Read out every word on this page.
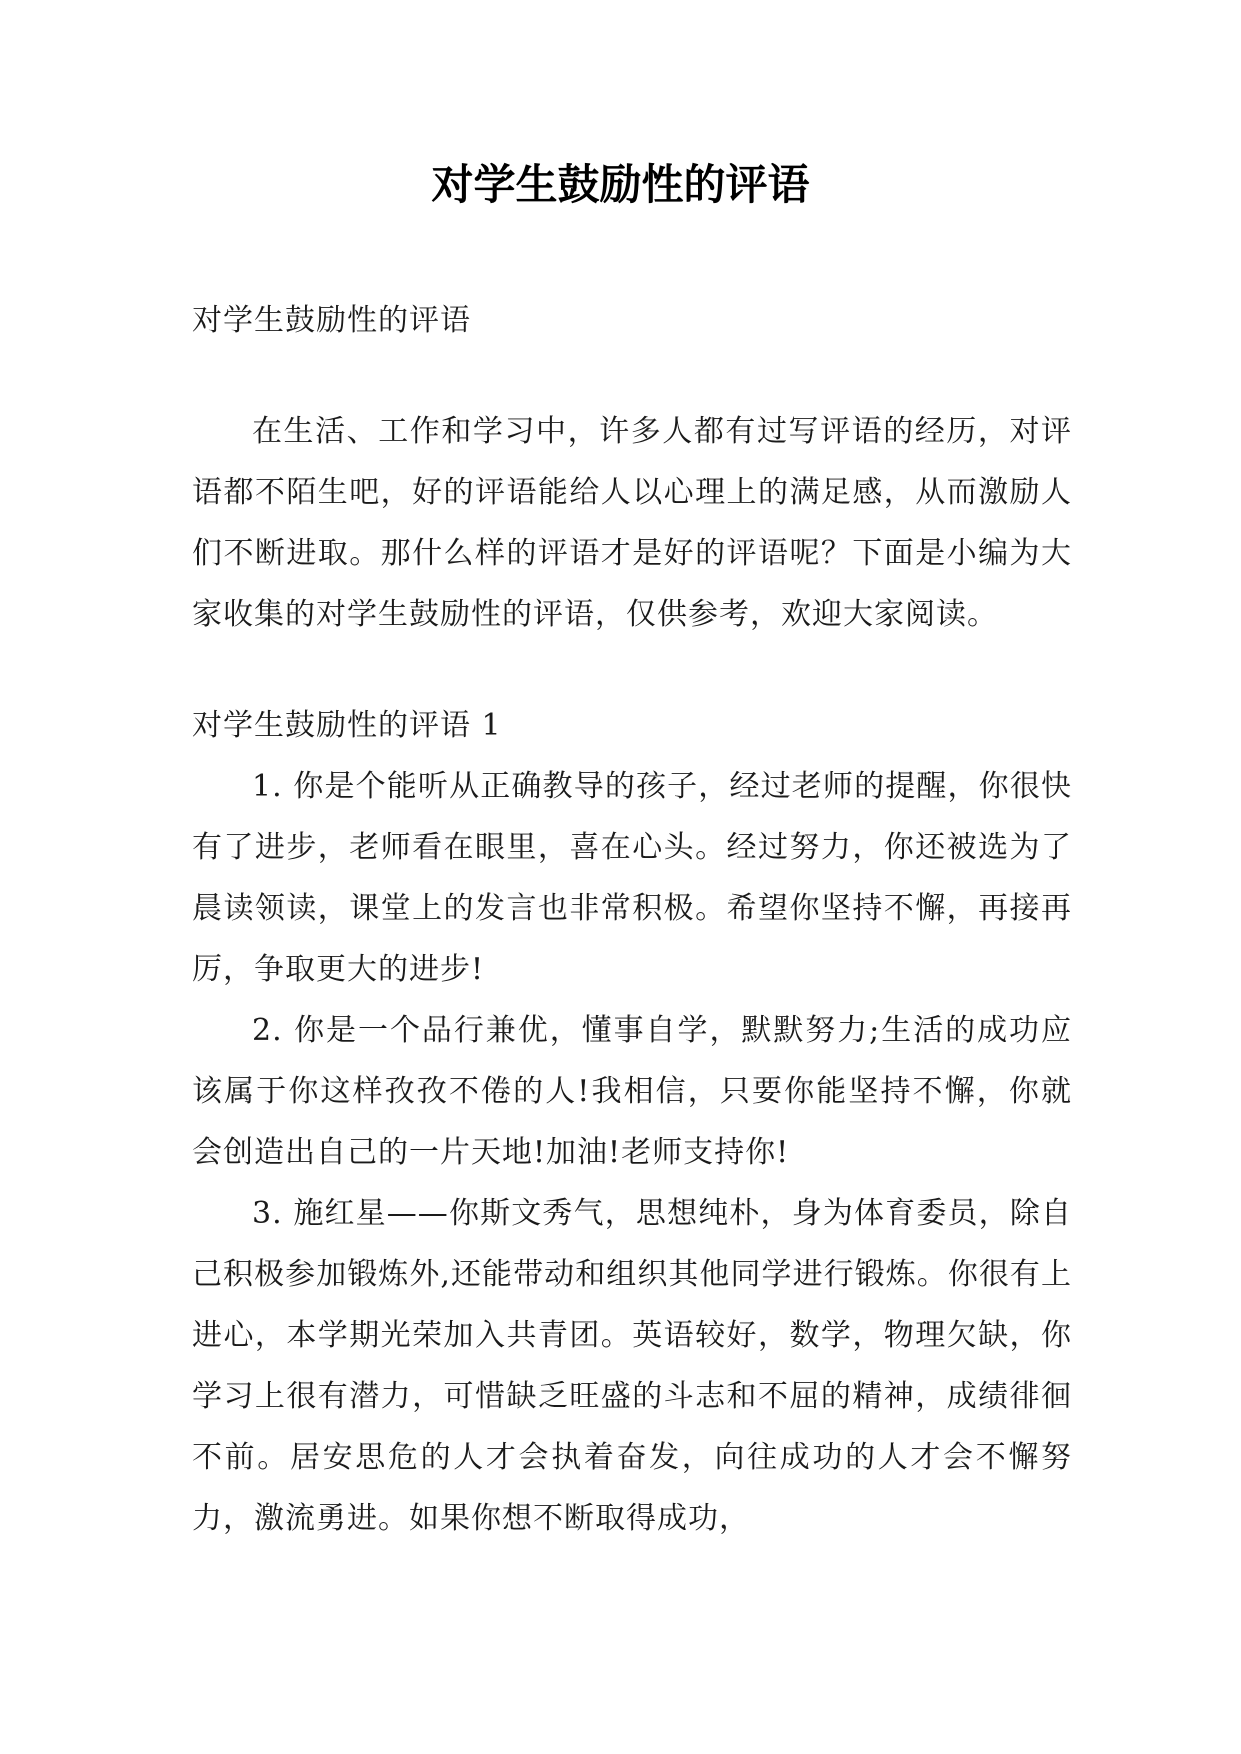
对学生鼓励性的评语

对学生鼓励性的评语

在生活、工作和学习中，许多人都有过写评语的经历，对评语都不陌生吧，好的评语能给人以心理上的满足感，从而激励人们不断进取。那什么样的评语才是好的评语呢？下面是小编为大家收集的对学生鼓励性的评语，仅供参考，欢迎大家阅读。

对学生鼓励性的评语 1

1. 你是个能听从正确教导的孩子，经过老师的提醒，你很快有了进步，老师看在眼里，喜在心头。经过努力，你还被选为了晨读领读，课堂上的发言也非常积极。希望你坚持不懈，再接再厉，争取更大的进步!

2. 你是一个品行兼优，懂事自学，默默努力;生活的成功应该属于你这样孜孜不倦的人!我相信，只要你能坚持不懈，你就会创造出自己的一片天地!加油!老师支持你!

3. 施红星——你斯文秀气，思想纯朴，身为体育委员，除自己积极参加锻炼外,还能带动和组织其他同学进行锻炼。你很有上进心，本学期光荣加入共青团。英语较好，数学，物理欠缺，你学习上很有潜力，可惜缺乏旺盛的斗志和不屈的精神，成绩徘徊不前。居安思危的人才会执着奋发，向往成功的人才会不懈努力，激流勇进。如果你想不断取得成功，
